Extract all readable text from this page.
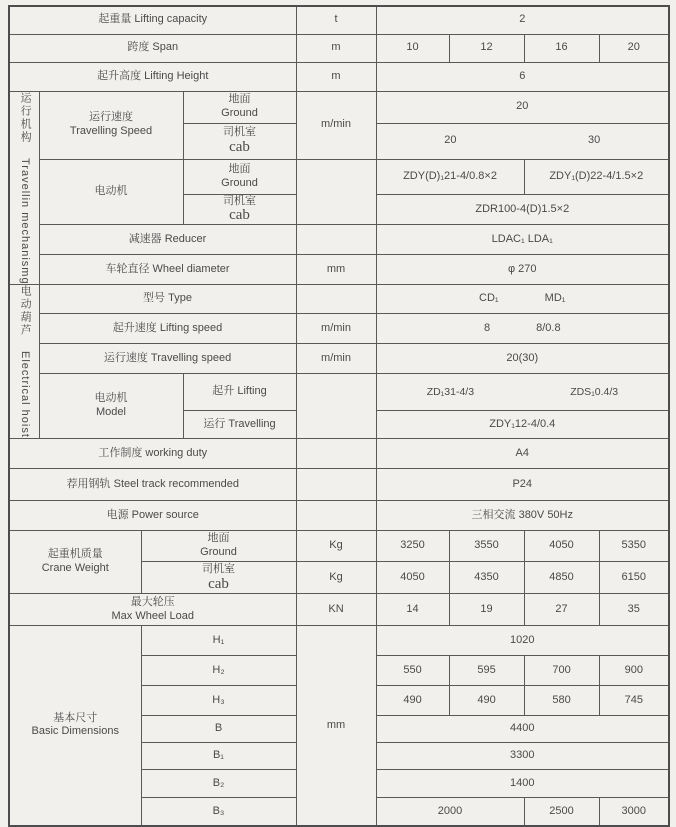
起重量 Lifting capacity				t	2			
跨度 Span				m	10	12	16	20
起升高度 Lifting Height				m	6			
运行机构 Travellin mechanismg	运行速度
Travelling Speed		地面
Ground	m/min	20			

			司机室
cab		20 30			

	电动机		地面
Ground		ZDY(D)₁21-4/0.8×2		ZDY₁(D)22-4/1.5×2	

			司机室
cab		ZDR100-4(D)1.5×2			
	减速器 Reducer				LDAC₁ LDA₁			
	车轮直径 Wheel diameter			mm	φ 270			
电动葫芦 Electrical hoist	型号 Type				CD₁ MD₁			

	起升速度 Lifting speed			m/min	8 8/0.8			

	运行速度 Travelling speed			m/min	20(30)			

	电动机
Model		起升 Lifting		ZD₁31-4/3 ZDS₁0.4/3			

			运行 Travelling		ZDY₁12-4/0.4			
工作制度 working duty					A4			
荐用钢轨 Steel track recommended					P24			
电源 Power source					三相交流 380V 50Hz			

起重机质量
Crane Weight		地面
Ground		Kg	3250	3550	4050	5350

		司机室
cab		Kg	4050	4350	4850	6150

最大轮压
Max Wheel Load				KN	14	19	27	35

基本尺寸
Basic Dimensions		H₁		mm	1020			
		H₂			550	595	700	900
		H₃			490	490	580	745
		B			4400			
		B₁			3300			
		B₂			1400			
		B₃			2000		2500	3000
